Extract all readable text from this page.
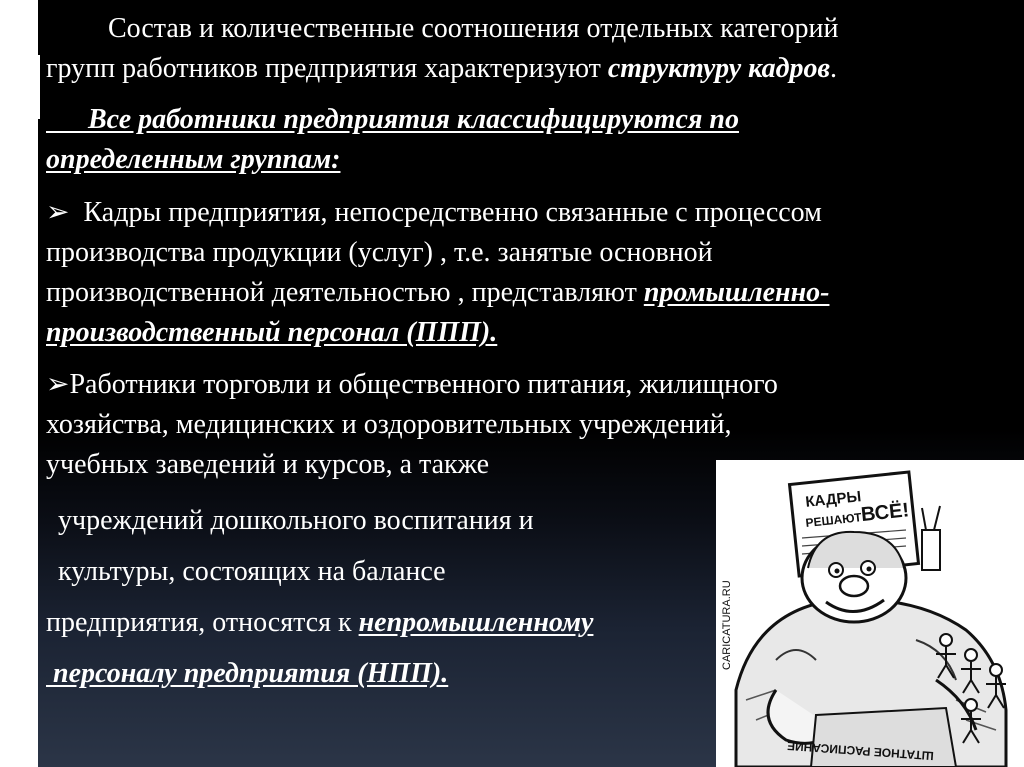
Состав и количественные соотношения отдельных категорий
групп работников предприятия характеризуют структуру кадров.
Все работники предприятия классифицируются по
определенным группам:
➢ Кадры предприятия, непосредственно связанные с процессом
производства продукции (услуг) , т.е. занятые основной
производственной деятельностью , представляют промышленно-
производственный персонал (ППП).
➢Работники торговли и общественного питания, жилищного
хозяйства, медицинских и оздоровительных учреждений,
учебных заведений и курсов, а также
учреждений дошкольного воспитания и
культуры, состоящих на балансе
предприятия, относятся к непромышленному
персоналу предприятия (НПП).
КАДРЫ
РЕШАЮТ
ВСЁ!
CARICATURA.RU
ШТАТНОЕ РАСПИСАНИЕ
